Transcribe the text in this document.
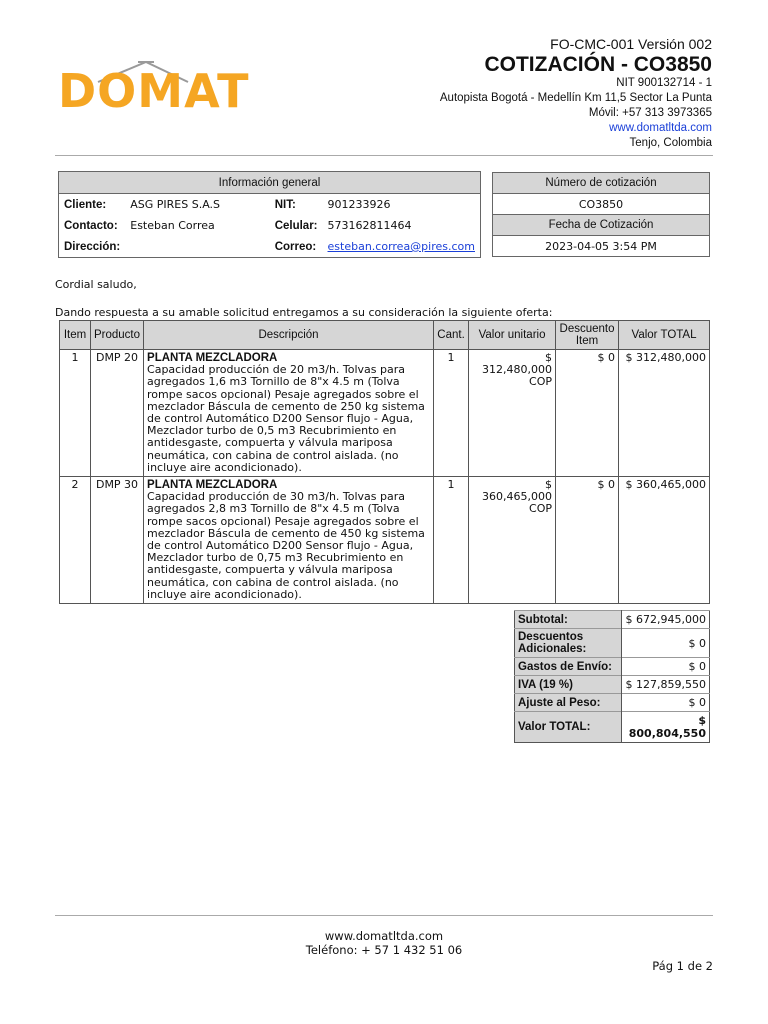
DOMAT
FO-CMC-001 Versión 002
COTIZACIÓN - CO3850
NIT 900132714 - 1
Autopista Bogotá - Medellín Km 11,5 Sector La Punta
Móvil: +57 313 3973365
www.domatltda.com
Tenjo, Colombia
Información general			
Cliente:	ASG PIRES S.A.S	NIT:	901233926
Contacto:	Esteban Correa	Celular:	573162811464
Dirección:		Correo:	esteban.correa@pires.com
Número de cotización
CO3850
Fecha de Cotización
2023-04-05 3:54 PM
Cordial saludo,
Dando respuesta a su amable solicitud entregamos a su consideración la siguiente oferta:
Item	Producto	Descripción	Cant.	Valor unitario	Descuento Item	Valor TOTAL
1	DMP 20	PLANTA MEZCLADORA
Capacidad producción de 20 m3/h. Tolvas para agregados 1,6 m3 Tornillo de 8"x 4.5 m (Tolva rompe sacos opcional) Pesaje agregados sobre el mezclador Báscula de cemento de 250 kg sistema de control Automático D200 Sensor flujo - Agua, Mezclador turbo de 0,5 m3 Recubrimiento en antidesgaste, compuerta y válvula mariposa neumática, con cabina de control aislada. (no incluye aire acondicionado).	1	$ 312,480,000 COP	$ 0	$ 312,480,000
2	DMP 30	PLANTA MEZCLADORA
Capacidad producción de 30 m3/h. Tolvas para agregados 2,8 m3 Tornillo de 8"x 4.5 m (Tolva rompe sacos opcional) Pesaje agregados sobre el mezclador Báscula de cemento de 450 kg sistema de control Automático D200 Sensor flujo - Agua, Mezclador turbo de 0,75 m3 Recubrimiento en antidesgaste, compuerta y válvula mariposa neumática, con cabina de control aislada. (no incluye aire acondicionado).	1	$ 360,465,000 COP	$ 0	$ 360,465,000
Subtotal:	$ 672,945,000
Descuentos Adicionales:	$ 0
Gastos de Envío:	$ 0
IVA (19 %)	$ 127,859,550
Ajuste al Peso:	$ 0
Valor TOTAL:	$ 800,804,550
www.domatltda.com
Teléfono: + 57 1 432 51 06
Pág 1 de 2
